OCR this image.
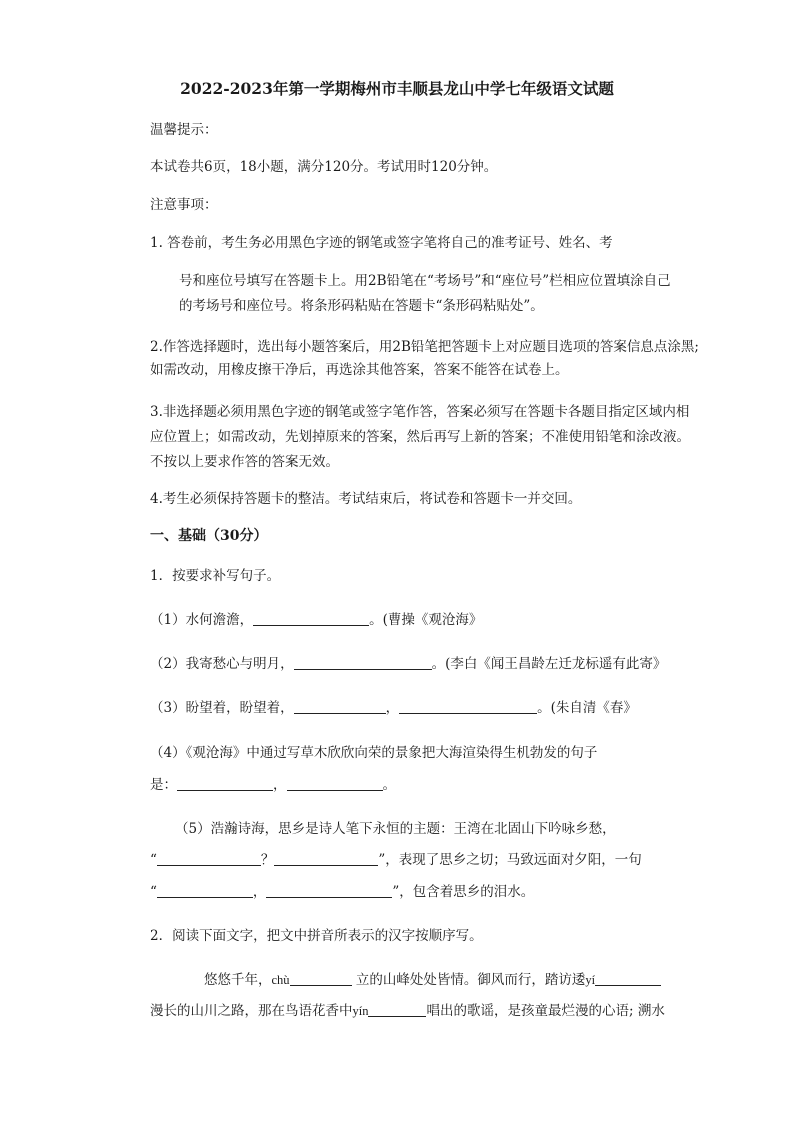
2022-2023年第一学期梅州市丰顺县龙山中学七年级语文试题
温馨提示：
本试卷共6页，18小题，满分120分。考试用时120分钟。
注意事项：
1. 答卷前，考生务必用黑色字迹的钢笔或签字笔将自己的准考证号、姓名、考
号和座位号填写在答题卡上。用2B铅笔在“考场号”和“座位号”栏相应位置填涂自己
的考场号和座位号。将条形码粘贴在答题卡“条形码粘贴处”。
2.作答选择题时，选出每小题答案后，用2B铅笔把答题卡上对应题目选项的答案信息点涂黑;
如需改动，用橡皮擦干净后，再选涂其他答案，答案不能答在试卷上。
3.非选择题必须用黑色字迹的钢笔或签字笔作答，答案必须写在答题卡各题目指定区域内相
应位置上；如需改动，先划掉原来的答案，然后再写上新的答案；不准使用铅笔和涂改液。
不按以上要求作答的答案无效。
4.考生必须保持答题卡的整洁。考试结束后，将试卷和答题卡一并交回。
一、基础（30分）
1．按要求补写句子。
（1）水何澹澹，	。(曹操《观沧海》
（2）我寄愁心与明月，	。(李白《闻王昌龄左迁龙标遥有此寄》
（3）盼望着，盼望着，	，	。(朱自清《春》
（4）《观沧海》中通过写草木欣欣向荣的景象把大海渲染得生机勃发的句子
是：	，	。
（5）浩瀚诗海，思乡是诗人笔下永恒的主题：王湾在北固山下吟咏乡愁，
“	？	”，表现了思乡之切；马致远面对夕阳，一句
“	，	”，包含着思乡的泪水。
2．阅读下面文字，把文中拼音所表示的汉字按顺序写。
悠悠千年，chù	立的山峰处处皆情。御风而行，踏访逶yí
漫长的山川之路，那在鸟语花香中yín	唱出的歌谣，是孩童最烂漫的心语; 溯水
